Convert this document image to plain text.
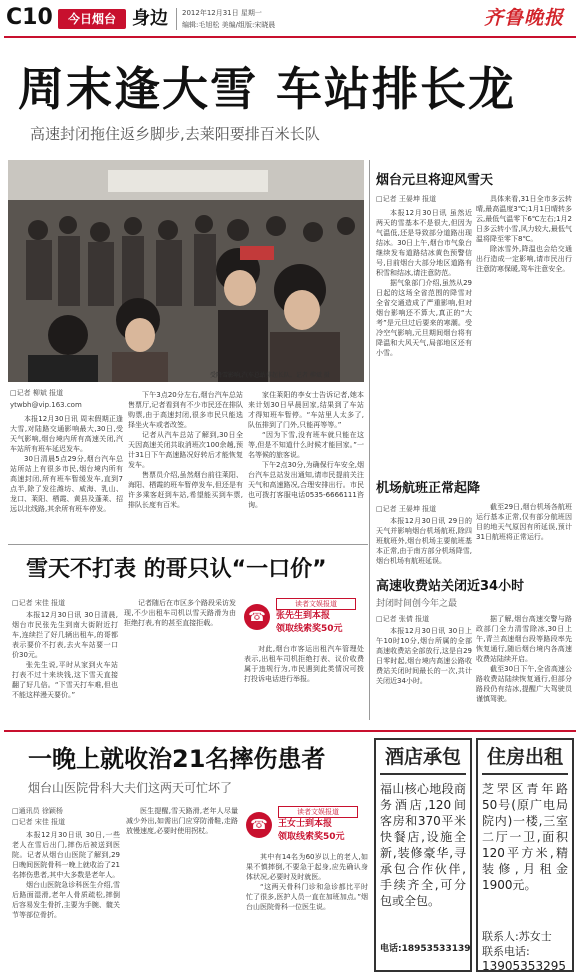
C10	今日烟台 身边 2012年12月31日 星期一
编辑:毛旭松 美编/组版:宋晓晨	齐鲁晚报
周末逢大雪 车站排长龙
高速封闭拖住返乡脚步,去莱阳要排百米长队
受降雪影响,汽车总站排起长队。记者 柳斌 摄
□记者 柳斌 报道
ytwbh@vip.163.com

本报12月30日讯 周末假期正逢大雪,对陆路交通影响最大,30日,受天气影响,烟台境内所有高速关闭,汽车站所有班车延迟发车。

30日清晨5点29分,烟台汽车总站所站上有很多市民,烟台境内所有高速封闭,所有班车暂缓发车,直到7点半,除了发往潍坊、威海、乳山、龙口、莱阳、栖霞、黄县及蓬莱、招远以北线路,其余所有班车停发。

下午3点20分左右,烟台汽车总站售票厅,记者看到有不少市民还在排队购票,由于高速封闭,很多市民只能选择坐火车或者改签。

记者从汽车总站了解到,30日全天因高速关闭共取消班次100余趟,预计31日下午高速路况好转后才能恢复发车。

售票员介绍,虽然烟台前往莱阳、海阳、栖霞的班车暂停发车,但还是有许多乘客赶到车站,希望能买到车票,排队长度有百米。

家住莱阳的李女士告诉记者,她本来计划30日早晨回家,结果到了车站才得知班车暂停。“车站里人太多了,队伍排到了门外,只能再等等。”

“因为下雪,没有班车就只能在这等,但是不知道什么时候才能回家。”一名等候的旅客说。

下午2点30分,为确保行车安全,烟台汽车总站发出通知,请市民提前关注天气和高速路况,合理安排出行。市民也可拨打客服电话0535-6666111咨询。

烟台元旦将迎风雪天
□记者 王晏坤 报道

本报12月30日讯 虽然近两天的雪基本不是很大,但因为气温低,还是导致部分道路出现结冰。30日上午,烟台市气象台继续发布道路结冰黄色预警信号,目前烟台大部分地区道路有积雪和结冰,请注意防范。

据气象部门介绍,虽然从29日起的这场全省范围的降雪对全省交通造成了严重影响,但对烟台影响还不算大,真正的“大考”是元旦过后要来的寒潮。受冷空气影响,元旦期间烟台将有降温和大风天气,局部地区还有小雪。

具体来看,31日全市多云转晴,最高温度3℃;1月1日晴转多云,最低气温零下6℃左右;1月2日多云转小雪,风力较大,最低气温将降至零下8℃。

除冰雪外,降温也会给交通出行造成一定影响,请市民出行注意防寒保暖,驾车注意安全。

机场航班正常起降
□记者 王晏坤 报道

本报12月30日讯 29日的天气并影响烟台机场航班,除四班航班外,烟台机场主要航班基本正常,由于南方部分机场降雪,烟台机场有航班延误。

截至29日,烟台机场各航班运行基本正常,仅有部分航班因目的地天气原因有所延误,预计31日航班将正常运行。

高速收费站关闭近34小时
封闭时间创今年之最
□记者 张倩 报道

本报12月30日讯 30日上午10时10分,烟台所属的全部高速收费站全部放行,这是自29日零时起,烟台境内高速公路收费站关闭时间最长的一次,共计关闭近34小时。

据了解,烟台高速交警与路政部门全力清雪除冰,30日上午,青兰高速烟台段等路段率先恢复通行,随后烟台境内各高速收费站陆续开启。

截至30日下午,全省高速公路收费站陆续恢复通行,但部分路段仍有结冰,提醒广大驾驶员谨慎驾驶。

雪天不打表 的哥只认“一口价”
□记者 宋佳 报道

本报12月30日讯 30日清晨,烟台市民张先生到南大街附近打车,连续拦了好几辆出租车,的哥都表示要价不打表,去火车站要一口价30元。

张先生说,平时从家到火车站打表不过十来块钱,这下雪天直接翻了好几倍。“下雪天打车难,但也不能这样漫天要价。”

记者随后在市区多个路段采访发现,不少出租车司机以雪天路滑为由拒绝打表,有的甚至直接拒载。	☎
读者文娱报道
张先生到本报
领取线索奖50元

对此,烟台市客运出租汽车管理处表示,出租车司机拒绝打表、议价收费属于违规行为,市民遇到此类情况可拨打投诉电话进行举报。

一晚上就收治21名摔伤患者
烟台山医院骨科大夫们这两天可忙坏了
□通讯员 徐颖杨
□记者 宋佳 报道

本报12月30日讯 30日,一些老人在雪后出门,摔伤后被送到医院。记者从烟台山医院了解到,29日晚间医院骨科一晚上就收治了21名摔伤患者,其中大多数是老年人。

烟台山医院急诊科医生介绍,雪后路面湿滑,老年人骨质疏松,摔倒后容易发生骨折,主要为手腕、髋关节等部位骨折。

医生提醒,雪天路滑,老年人尽量减少外出,如需出门应穿防滑鞋,走路放慢速度,必要时使用拐杖。	☎
读者文娱报道
王女士到本报
领取线索奖50元

其中有14名为60岁以上的老人,如果不慎摔倒,不要急于起身,应先确认身体状况,必要时及时就医。

“这两天骨科门诊和急诊都比平时忙了很多,医护人员一直在加班加点。”烟台山医院骨科一位医生说。

酒店承包
福山核心地段商务酒店,120间客房和370平米快餐店,设施全新,装修豪华,寻承包合作伙伴,手续齐全,可分包或全包。
电话:18953533139
住房出租
芝罘区青年路50号(原广电局院内)一楼,三室二厅一卫,面积120平方米,精装修,月租金1900元。
联系人:苏女士
联系电话:
13905353295
